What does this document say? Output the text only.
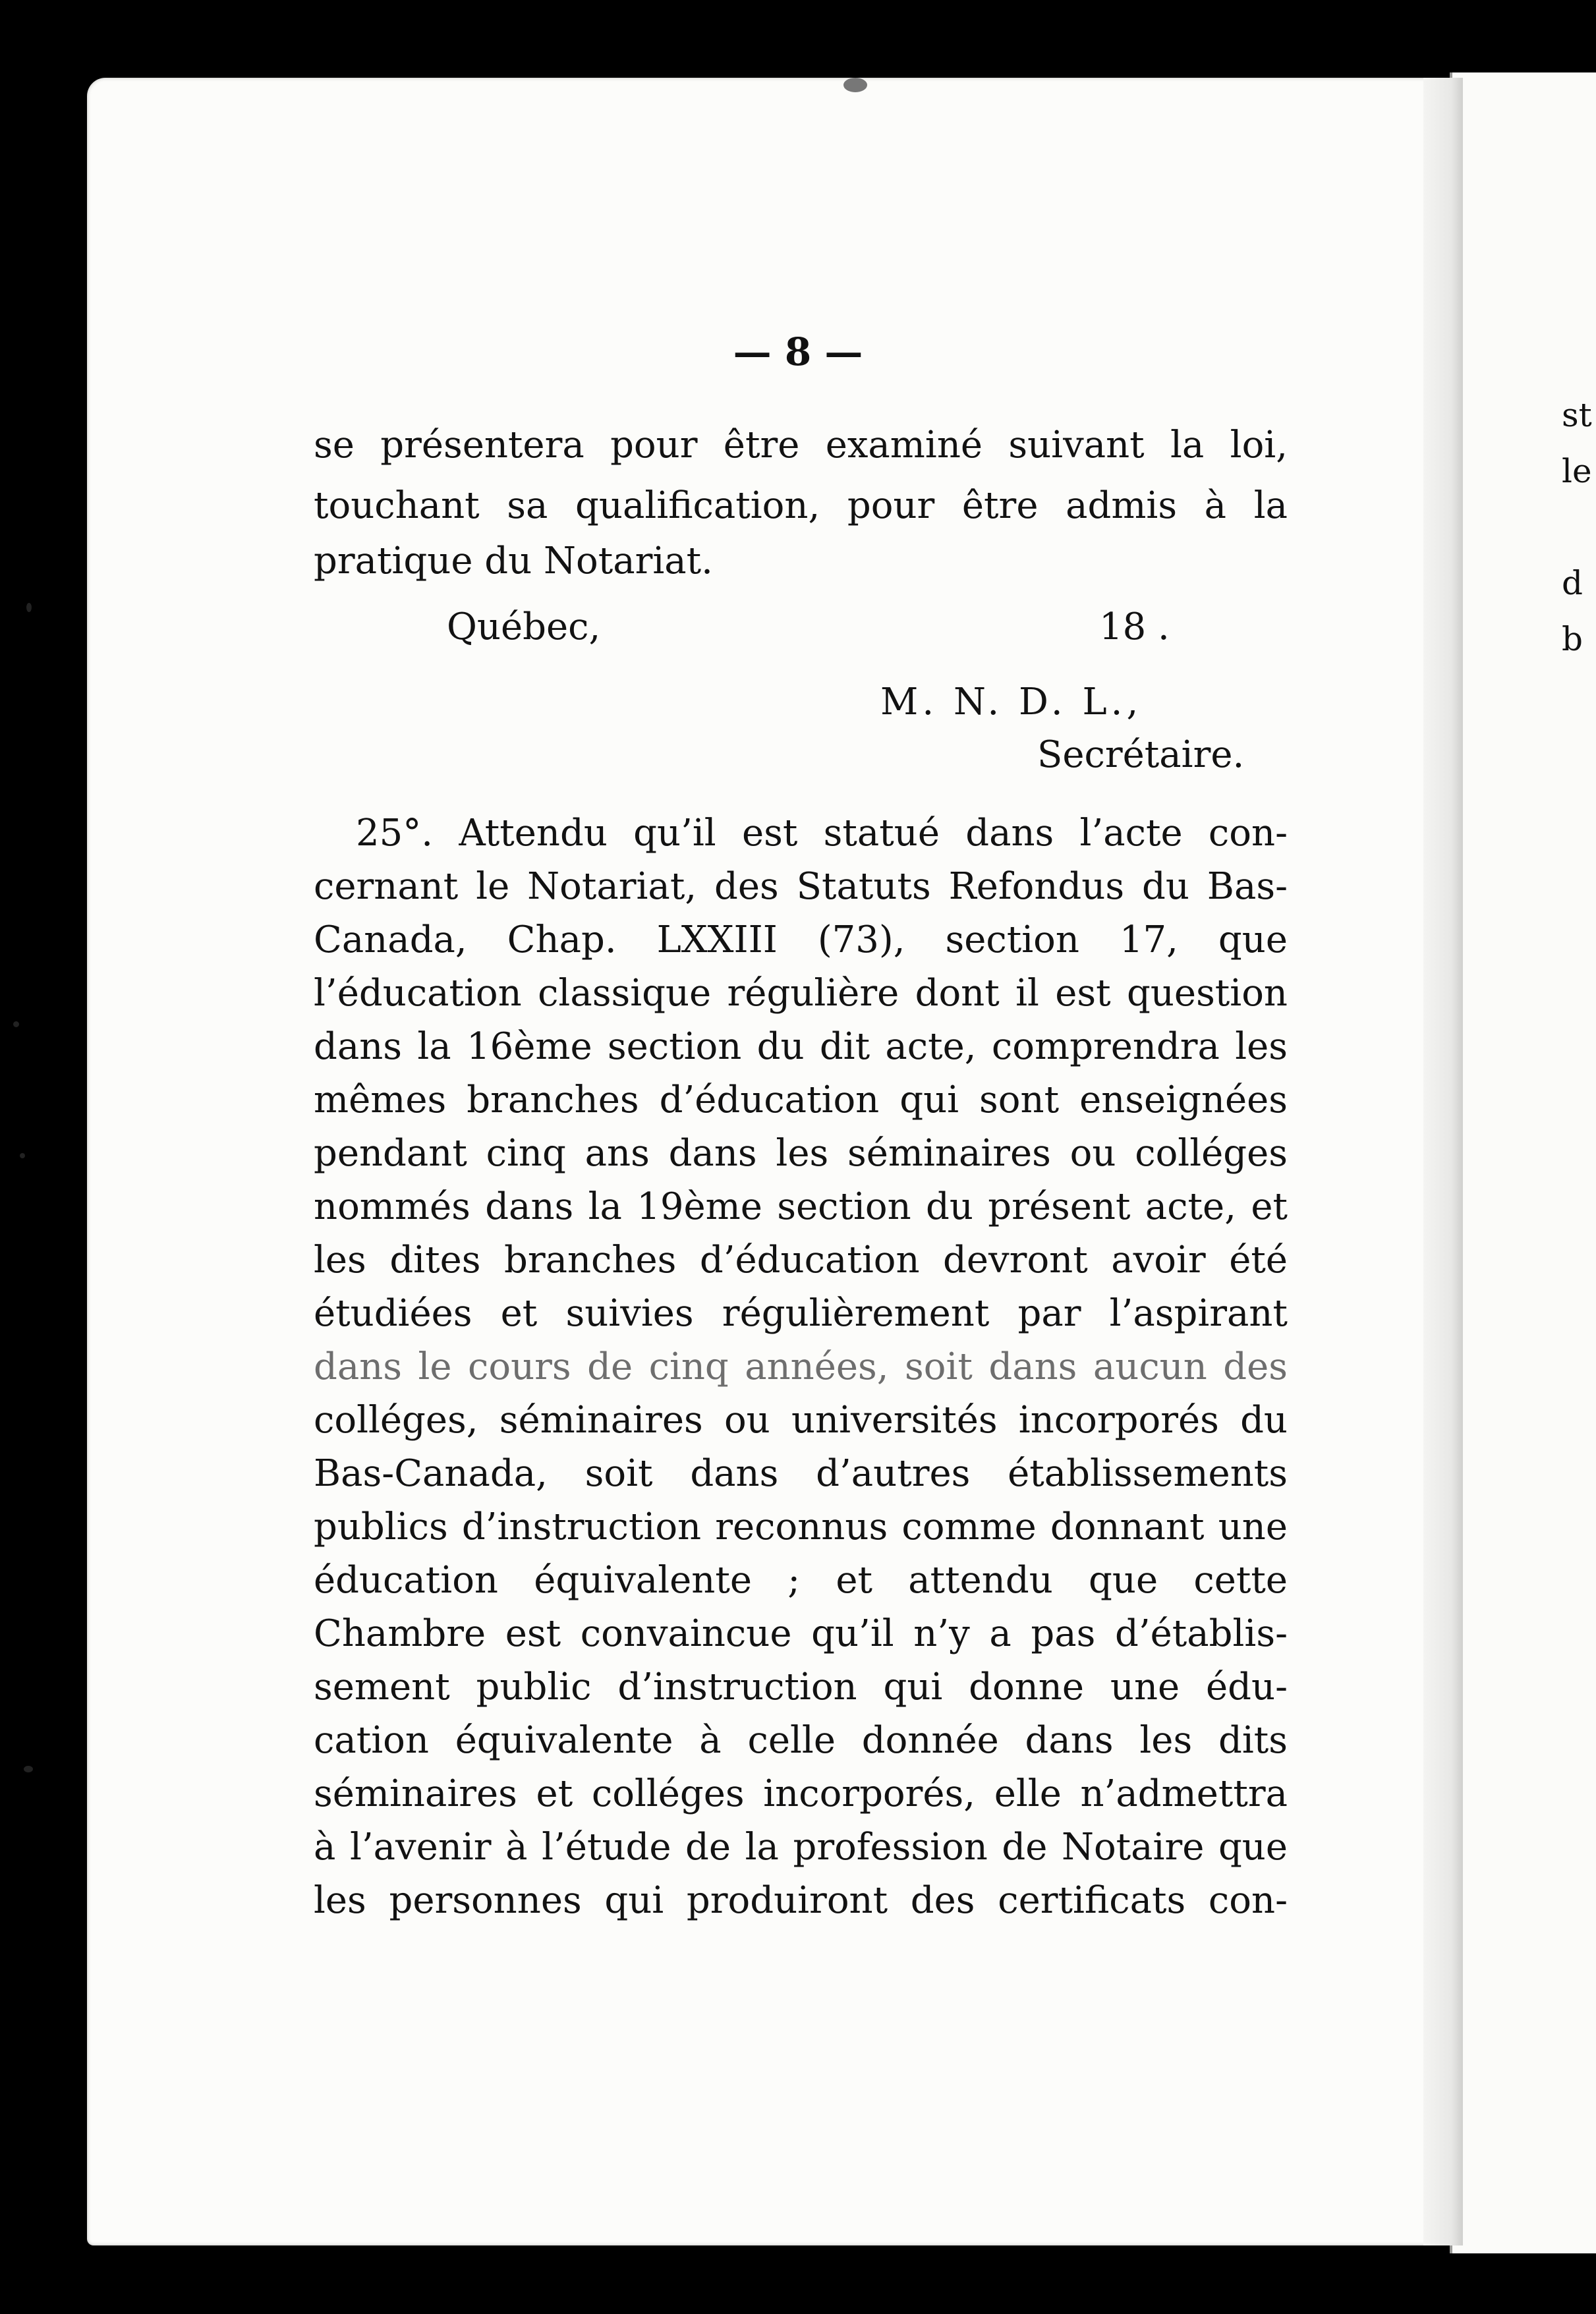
st
le
d
b
— 8 —
se présentera pour être examiné suivant la loi,
touchant sa qualification, pour être admis à la
pratique du Notariat.
Québec,	18 .
M. N. D. L.,
Secrétaire.
25°. Attendu qu’il est statué dans l’acte con-
cernant le Notariat, des Statuts Refondus du Bas-
Canada, Chap. LXXIII (73), section 17, que
l’éducation classique régulière dont il est question
dans la 16ème section du dit acte, comprendra les
mêmes branches d’éducation qui sont enseignées
pendant cinq ans dans les séminaires ou colléges
nommés dans la 19ème section du présent acte, et
les dites branches d’éducation devront avoir été
étudiées et suivies régulièrement par l’aspirant
dans le cours de cinq années, soit dans aucun des
colléges, séminaires ou universités incorporés du
Bas-Canada, soit dans d’autres établissements
publics d’instruction reconnus comme donnant une
éducation équivalente ; et attendu que cette
Chambre est convaincue qu’il n’y a pas d’établis-
sement public d’instruction qui donne une édu-
cation équivalente à celle donnée dans les dits
séminaires et colléges incorporés, elle n’admettra
à l’avenir à l’étude de la profession de Notaire que
les personnes qui produiront des certificats con-
